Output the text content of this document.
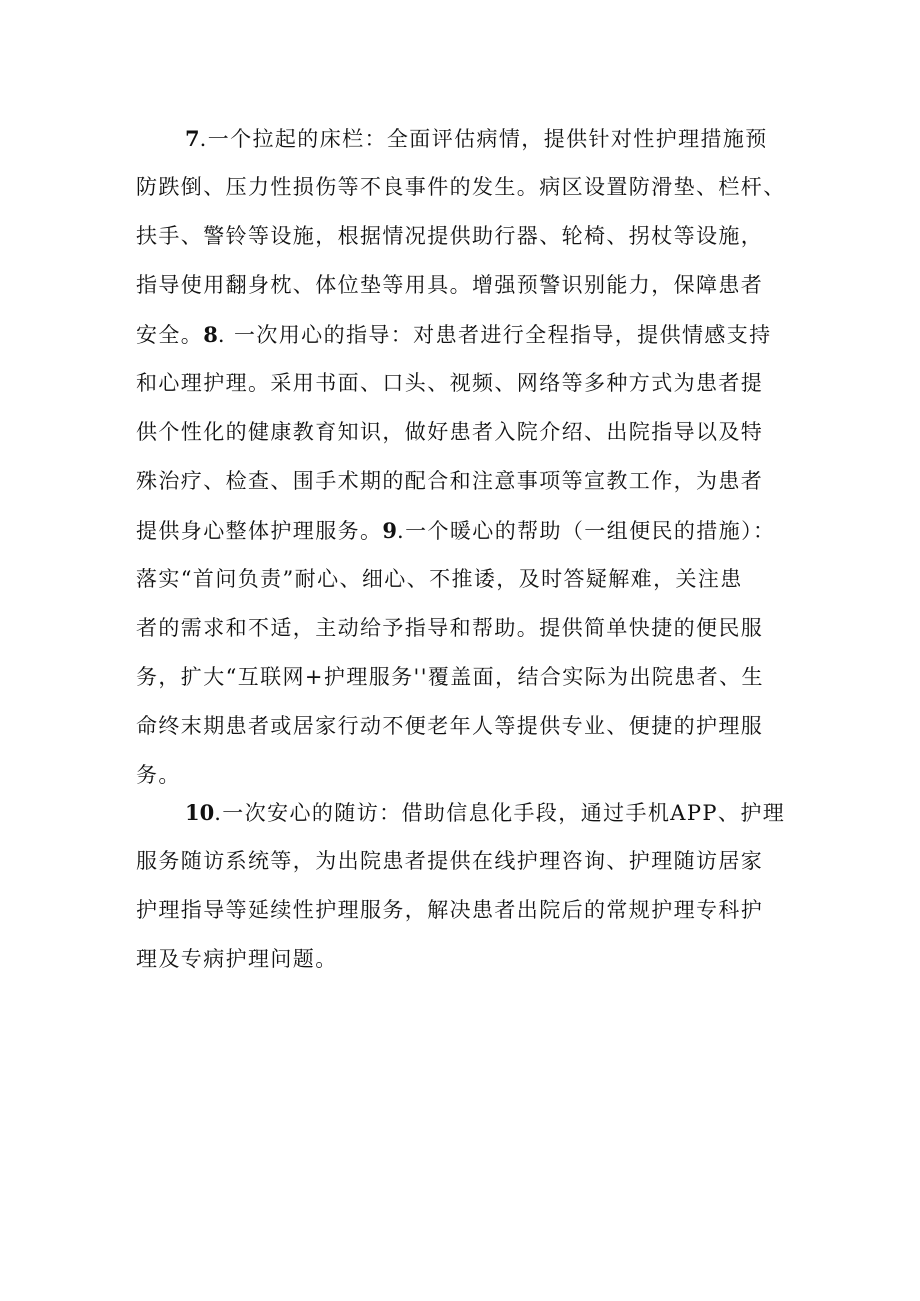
7.一个拉起的床栏：全面评估病情，提供针对性护理措施预
防跌倒、压力性损伤等不良事件的发生。病区设置防滑垫、栏杆、
扶手、警铃等设施，根据情况提供助行器、轮椅、拐杖等设施，
指导使用翻身枕、体位垫等用具。增强预警识别能力，保障患者
安全。8. 一次用心的指导：对患者进行全程指导，提供情感支持
和心理护理。采用书面、口头、视频、网络等多种方式为患者提
供个性化的健康教育知识，做好患者入院介绍、出院指导以及特
殊治疗、检查、围手术期的配合和注意事项等宣教工作，为患者
提供身心整体护理服务。9.一个暖心的帮助（一组便民的措施）：
落实“首问负责”耐心、细心、不推诿，及时答疑解难，关注患
者的需求和不适，主动给予指导和帮助。提供简单快捷的便民服
务，扩大“互联网+护理服务''覆盖面，结合实际为出院患者、生
命终末期患者或居家行动不便老年人等提供专业、便捷的护理服
务。
10.一次安心的随访：借助信息化手段，通过手机APP、护理
服务随访系统等，为出院患者提供在线护理咨询、护理随访居家
护理指导等延续性护理服务，解决患者出院后的常规护理专科护
理及专病护理问题。
